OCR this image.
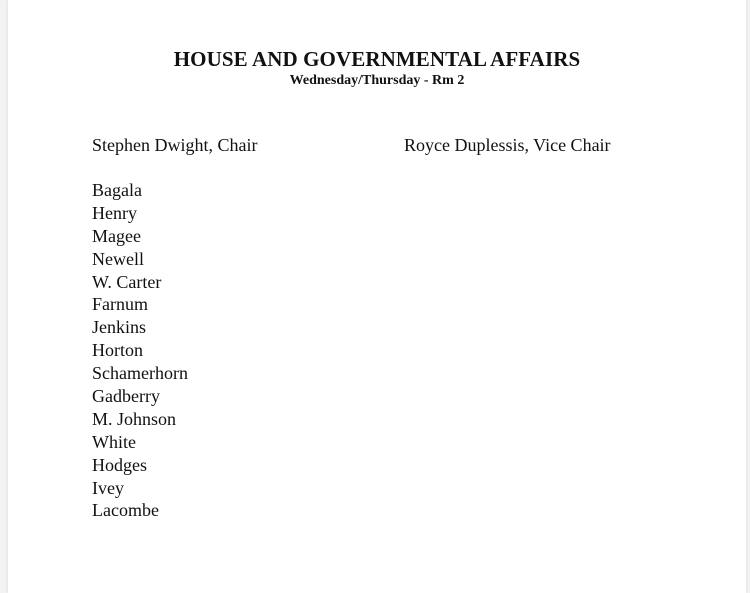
HOUSE AND GOVERNMENTAL AFFAIRS
Wednesday/Thursday - Rm 2
Stephen Dwight, Chair	Royce Duplessis, Vice Chair
Bagala
Henry
Magee
Newell
W. Carter
Farnum
Jenkins
Horton
Schamerhorn
Gadberry
M. Johnson
White
Hodges
Ivey
Lacombe
